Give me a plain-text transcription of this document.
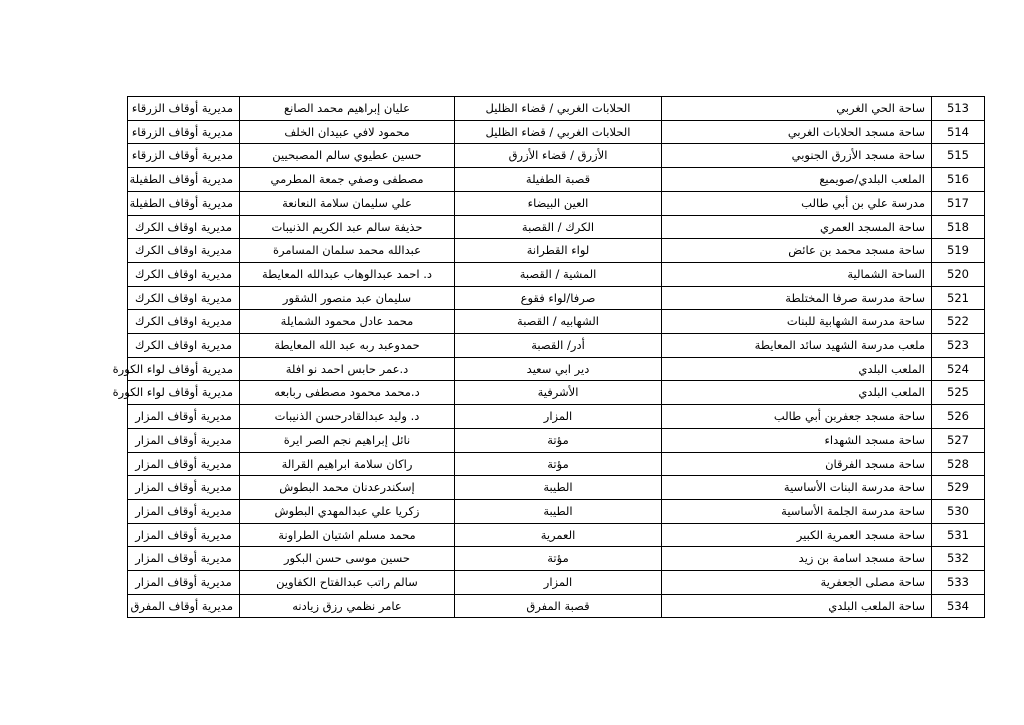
513	ساحة الحي الغربي	الحلابات الغربي / قضاء الظليل	عليان إبراهيم محمد الصانع	مديرية أوقاف الزرقاء
514	ساحة مسجد الحلابات الغربي	الحلابات الغربي / قضاء الظليل	محمود لافي عبيدان الخلف	مديرية أوقاف الزرقاء
515	ساحة مسجد الأزرق الجنوبي	الأزرق / قضاء الأزرق	حسين عطيوي سالم المصبحيين	مديرية أوقاف الزرقاء
516	الملعب البلدي/صويميع	قصبة الطفيلة	مصطفى وصفي جمعة المطرمي	مديرية أوقاف الطفيلة
517	مدرسة علي بن أبي طالب	العين البيضاء	علي سليمان سلامة النعانعة	مديرية أوقاف الطفيلة
518	ساحة المسجد العمري	الكرك / القصبة	حذيفة سالم عبد الكريم الذنيبات	مديرية اوقاف الكرك
519	ساحة مسجد محمد بن عائض	لواء القطرانة	عبدالله محمد سلمان المسامرة	مديرية اوقاف الكرك
520	الساحة الشمالية	المشية / القصبة	د. احمد عبدالوهاب عبدالله المعايطة	مديرية اوقاف الكرك
521	ساحة مدرسة صرفا المختلطة	صرفا/لواء فقوع	سليمان عبد منصور الشقور	مديرية اوقاف الكرك
522	ساحة مدرسة الشهابية للبنات	الشهابيه / القصبة	محمد عادل محمود الشمايلة	مديرية اوقاف الكرك
523	ملعب مدرسة الشهيد سائد المعايطة	أدر/ القصبة	حمدوعبد ربه عبد الله المعايطة	مديرية اوقاف الكرك
524	الملعب البلدي	دير ابي سعيد	د.عمر حابس احمد نو افلة	مديرية أوقاف لواء الكورة
525	الملعب البلدي	الأشرفية	د.محمد محمود مصطفى ربابعه	مديرية أوقاف لواء الكورة
526	ساحة مسجد جعفربن أبي طالب	المزار	د. وليد عبدالقادرحسن الذنيبات	مديرية أوقاف المزار
527	ساحة مسجد الشهداء	مؤتة	نائل إبراهيم نجم الصر ايرة	مديرية أوقاف المزار
528	ساحة مسجد الفرقان	مؤتة	راكان سلامة ابراهيم القرالة	مديرية أوقاف المزار
529	ساحة مدرسة البنات الأساسية	الطيبة	إسكندرعدنان محمد البطوش	مديرية أوقاف المزار
530	ساحة مدرسة الجلمة الأساسية	الطيبة	زكريا علي عبدالمهدي البطوش	مديرية أوقاف المزار
531	ساحة مسجد العمرية الكبير	العمرية	محمد مسلم اشتيان الطراونة	مديرية أوقاف المزار
532	ساحة مسجد اسامة بن زيد	مؤتة	حسين موسى حسن البكور	مديرية أوقاف المزار
533	ساحة مصلى الجعفرية	المزار	سالم راتب عبدالفتاح الكفاوين	مديرية أوقاف المزار
534	ساحة الملعب البلدي	قصبة المفرق	عامر نظمي رزق زيادنه	مديرية أوقاف المفرق
